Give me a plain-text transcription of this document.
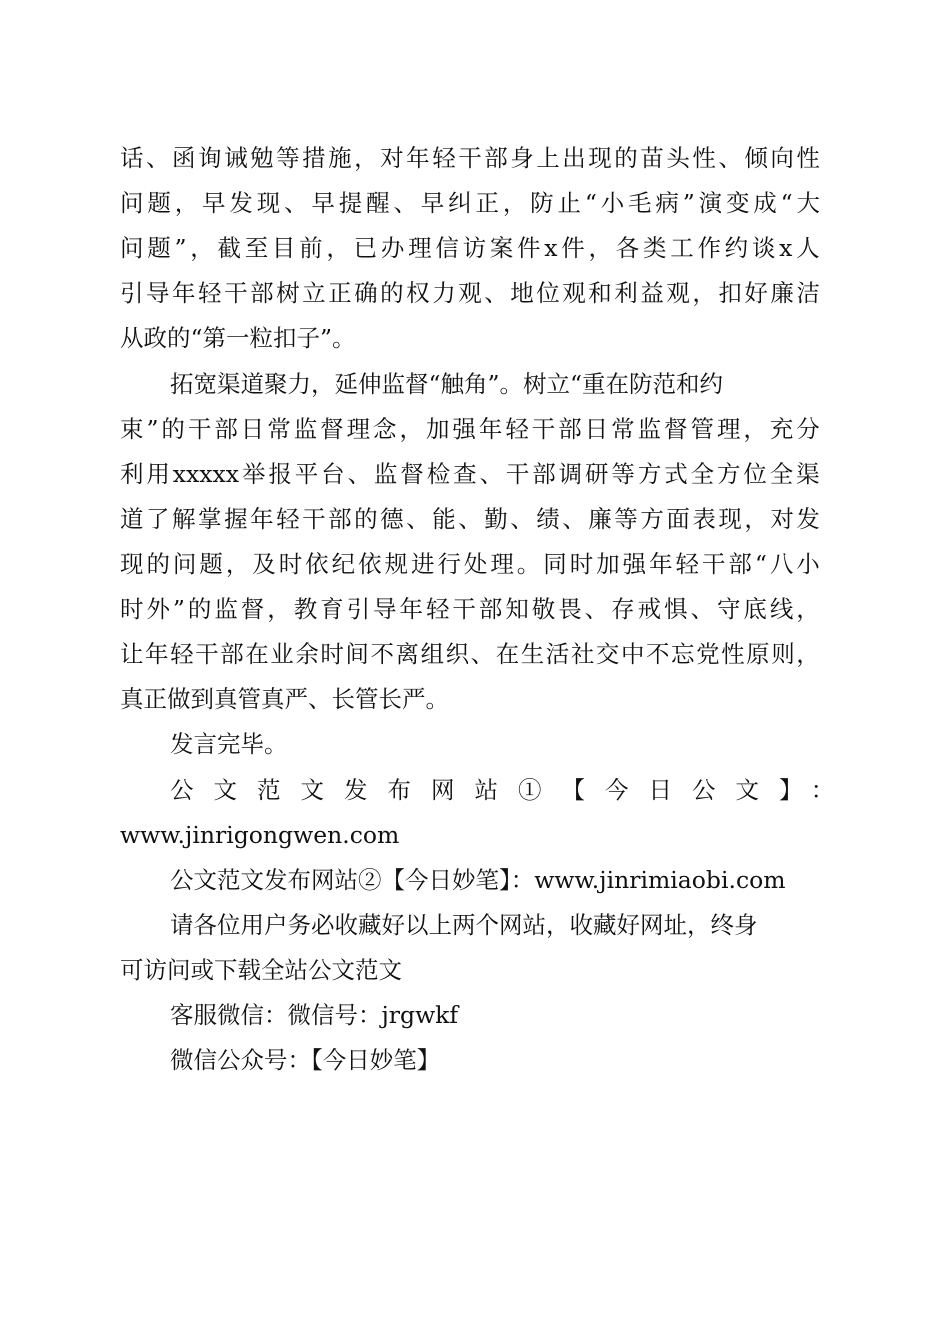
话 、 函 询 诫 勉 等 措 施 ， 对 年 轻 干 部 身 上 出 现 的 苗 头 性 、 倾 向 性
问 题 ， 早 发 现 、 早 提 醒 、 早 纠 正 ， 防 止 “ 小 毛 病 ” 演 变 成 “ 大
问 题 ” ， 截 至 目 前 ， 已 办 理 信 访 案 件 x 件 ， 各 类 工 作 约 谈 x 人
引 导 年 轻 干 部 树 立 正 确 的 权 力 观 、 地 位 观 和 利 益 观 ， 扣 好 廉 洁
从政的“第一粒扣子”。
拓宽渠道聚力，延伸监督“触角”。树立“重在防范和约
束 ” 的 干 部 日 常 监 督 理 念 ， 加 强 年 轻 干 部 日 常 监 督 管 理 ， 充 分
利 用 xxxxx 举 报 平 台 、 监 督 检 查 、 干 部 调 研 等 方 式 全 方 位 全 渠
道 了 解 掌 握 年 轻 干 部 的 德 、 能 、 勤 、 绩 、 廉 等 方 面 表 现 ， 对 发
现 的 问 题 ， 及 时 依 纪 依 规 进 行 处 理 。 同 时 加 强 年 轻 干 部 “ 八 小
时 外 ” 的 监 督 ， 教 育 引 导 年 轻 干 部 知 敬 畏 、 存 戒 惧 、 守 底 线 ，
让 年 轻 干 部 在 业 余 时 间 不 离 组 织 、 在 生 活 社 交 中 不 忘 党 性 原 则 ，
真正做到真管真严、长管长严。
发言完毕。
公文范文发布网站①【今日公文】：
www.jinrigongwen.com
公文范文发布网站②【今日妙笔】：www.jinrimiaobi.com
请各位用户务必收藏好以上两个网站，收藏好网址，终身
可访问或下载全站公文范文
客服微信：微信号：jrgwkf
微信公众号：【今日妙笔】
